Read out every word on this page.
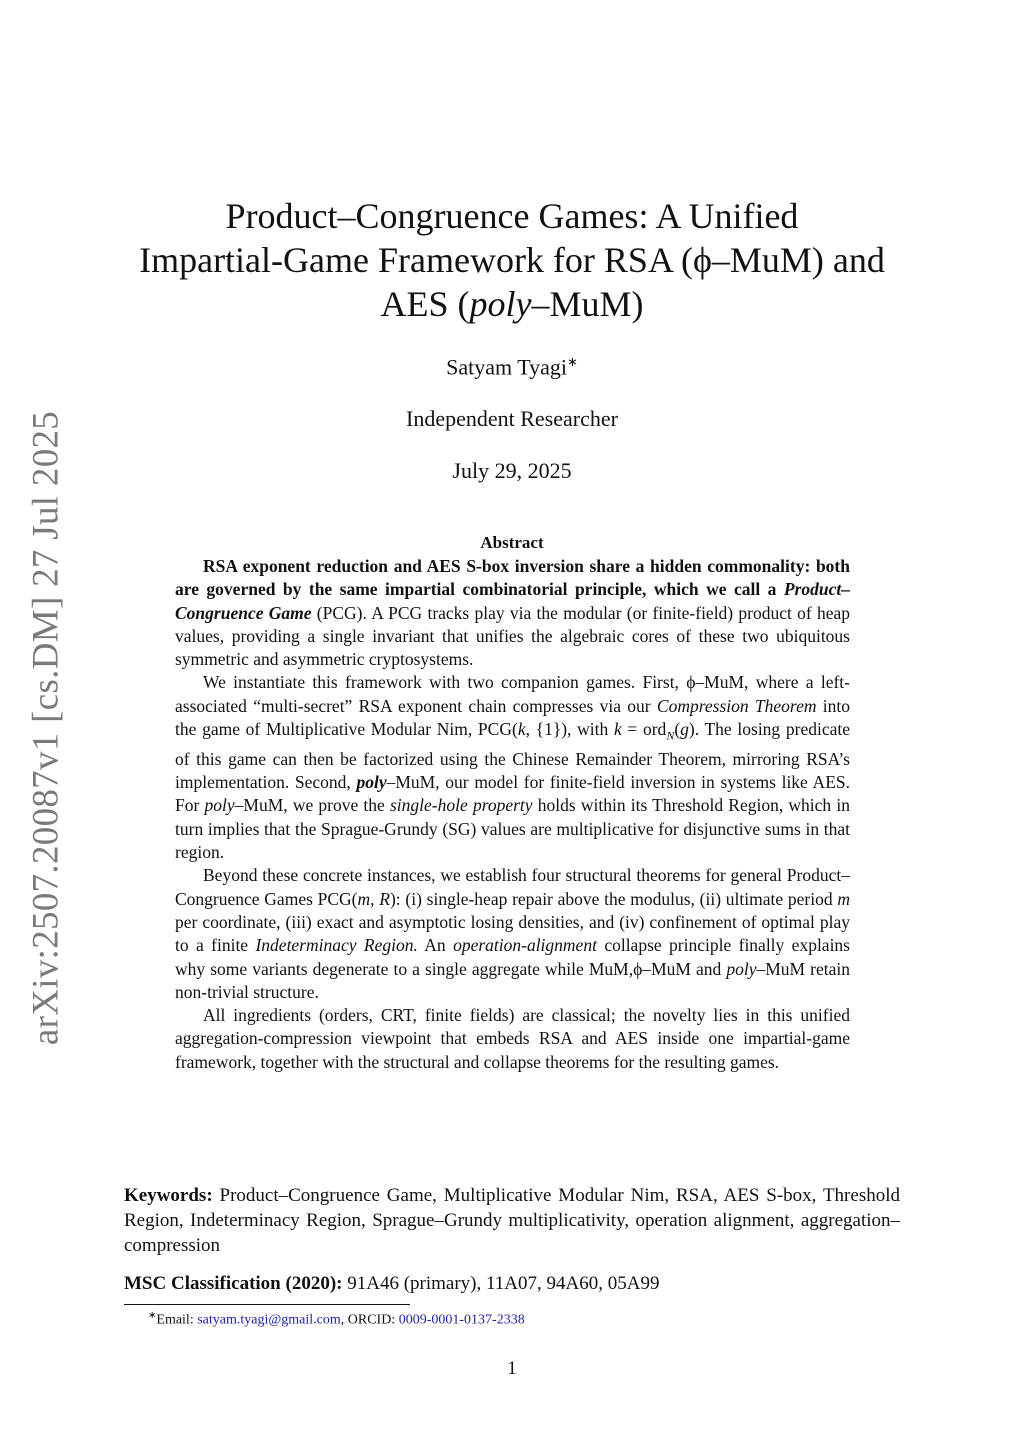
arXiv:2507.20087v1 [cs.DM] 27 Jul 2025
Product–Congruence Games: A Unified
Impartial-Game Framework for RSA (ϕ–MuM) and
AES (poly–MuM)
Satyam Tyagi∗
Independent Researcher
July 29, 2025
Abstract

RSA exponent reduction and AES S-box inversion share a hidden commonality: both are governed by the same impartial combinatorial principle, which we call a Product–Congruence Game (PCG). A PCG tracks play via the modular (or finite-field) product of heap values, providing a single invariant that unifies the algebraic cores of these two ubiquitous symmetric and asymmetric cryptosystems.

We instantiate this framework with two companion games. First, ϕ–MuM, where a left-associated “multi-secret” RSA exponent chain compresses via our Compression Theorem into the game of Multiplicative Modular Nim, PCG(k, {1}), with k = ord$_N$(g). The losing predicate of this game can then be factorized using the Chinese Remainder Theorem, mirroring RSA’s implementation. Second, poly–MuM, our model for finite-field inversion in systems like AES. For poly–MuM, we prove the single-hole property holds within its Threshold Region, which in turn implies that the Sprague-Grundy (SG) values are multiplicative for disjunctive sums in that region.

Beyond these concrete instances, we establish four structural theorems for general Product–Congruence Games PCG(m, R): (i) single-heap repair above the modulus, (ii) ultimate period m per coordinate, (iii) exact and asymptotic losing densities, and (iv) confinement of optimal play to a finite Indeterminacy Region. An operation-alignment collapse principle finally explains why some variants degenerate to a single aggregate while MuM,ϕ–MuM and poly–MuM retain non-trivial structure.

All ingredients (orders, CRT, finite fields) are classical; the novelty lies in this unified aggregation-compression viewpoint that embeds RSA and AES inside one impartial-game framework, together with the structural and collapse theorems for the resulting games.

Keywords: Product–Congruence Game, Multiplicative Modular Nim, RSA, AES S-box, Threshold Region, Indeterminacy Region, Sprague–Grundy multiplicativity, operation alignment, aggregation–compression
MSC Classification (2020): 91A46 (primary), 11A07, 94A60, 05A99
∗Email: satyam.tyagi@gmail.com, ORCID: 0009-0001-0137-2338
1
